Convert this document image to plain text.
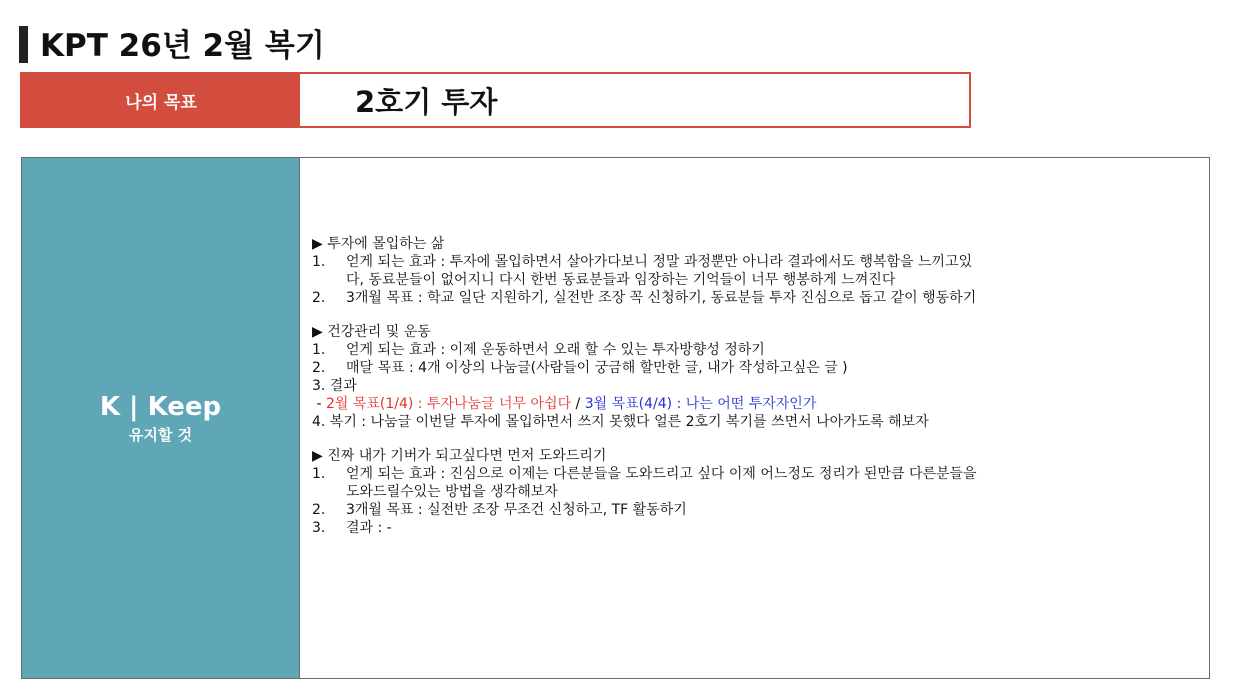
KPT 26년 2월 복기
나의 목표	2호기 투자
K | Keep
유지할 것
▶ 투자에 몰입하는 삶
1. 얻게 되는 효과 : 투자에 몰입하면서 살아가다보니 정말 과정뿐만 아니라 결과에서도 행복함을 느끼고있
다, 동료분들이 없어지니 다시 한번 동료분들과 임장하는 기억들이 너무 행봉하게 느껴진다
2. 3개월 목표 : 학교 일단 지원하기, 실전반 조장 꼭 신청하기, 동료분들 투자 진심으로 돕고 같이 행동하기
▶ 건강관리 및 운동
1. 얻게 되는 효과 : 이제 운동하면서 오래 할 수 있는 투자방향성 정하기
2. 매달 목표 : 4개 이상의 나눔글(사람들이 궁금해 할만한 글, 내가 작성하고싶은 글 )
3. 결과
- 2월 목표(1/4) : 투자나눔글 너무 아쉽다 / 3월 목표(4/4) : 나는 어떤 투자자인가
4. 복기 : 나눔글 이번달 투자에 몰입하면서 쓰지 못했다 얼른 2호기 복기를 쓰면서 나아가도록 해보자
▶ 진짜 내가 기버가 되고싶다면 먼저 도와드리기
1. 얻게 되는 효과 : 진심으로 이제는 다른분들을 도와드리고 싶다 이제 어느정도 정리가 된만큼 다른분들을
도와드릴수있는 방법을 생각해보자
2. 3개월 목표 : 실전반 조장 무조건 신청하고, TF 활동하기
3. 결과 : -
